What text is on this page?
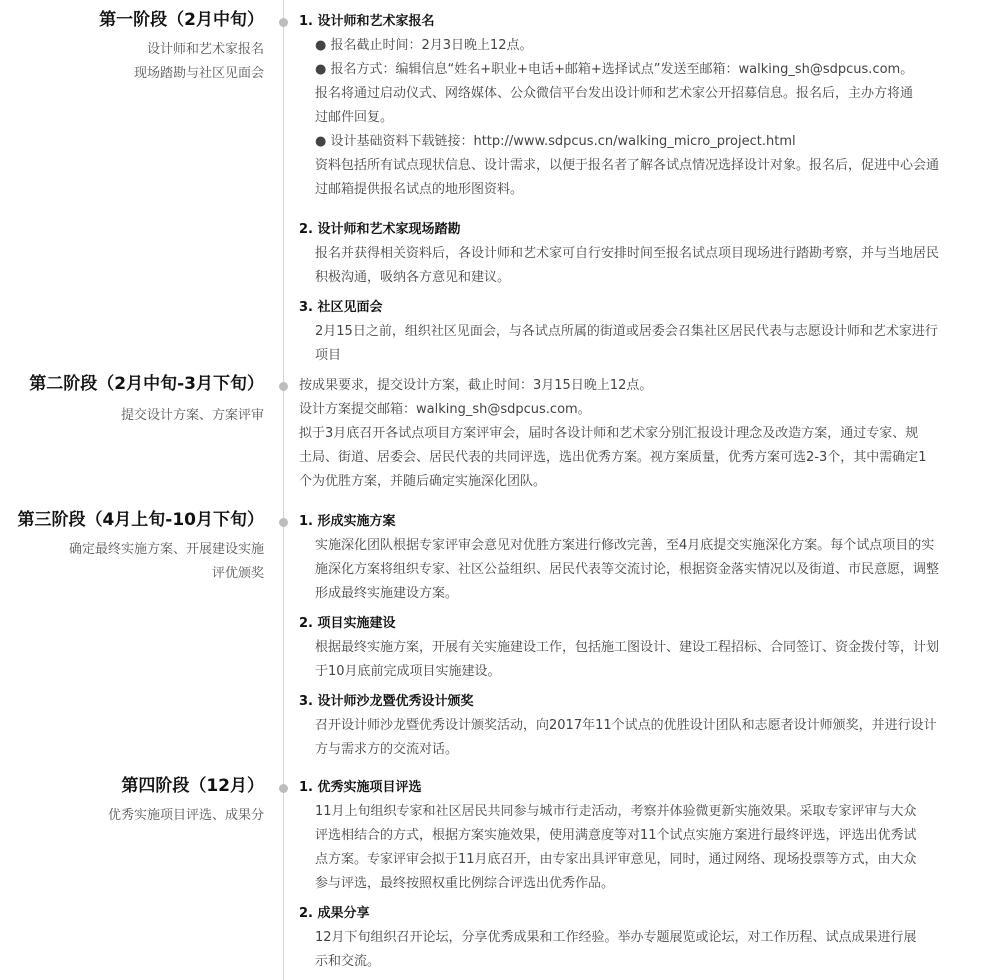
第一阶段（2月中旬）
设计师和艺术家报名
现场踏勘与社区见面会
1. 设计师和艺术家报名
● 报名截止时间：2月3日晚上12点。
● 报名方式：编辑信息“姓名+职业+电话+邮箱+选择试点”发送至邮箱：walking_sh@sdpcus.com。
报名将通过启动仪式、网络媒体、公众微信平台发出设计师和艺术家公开招募信息。报名后，主办方将通
过邮件回复。
● 设计基础资料下载链接：http://www.sdpcus.cn/walking_micro_project.html
资料包括所有试点现状信息、设计需求，以便于报名者了解各试点情况选择设计对象。报名后，促进中心会通
过邮箱提供报名试点的地形图资料。
2. 设计师和艺术家现场踏勘
报名并获得相关资料后，各设计师和艺术家可自行安排时间至报名试点项目现场进行踏勘考察，并与当地居民
积极沟通，吸纳各方意见和建议。
3. 社区见面会
2月15日之前，组织社区见面会，与各试点所属的街道或居委会召集社区居民代表与志愿设计师和艺术家进行
项目
第二阶段（2月中旬-3月下旬）
提交设计方案、方案评审
按成果要求，提交设计方案，截止时间：3月15日晚上12点。
设计方案提交邮箱：walking_sh@sdpcus.com。
拟于3月底召开各试点项目方案评审会，届时各设计师和艺术家分别汇报设计理念及改造方案，通过专家、规
土局、街道、居委会、居民代表的共同评选，选出优秀方案。视方案质量，优秀方案可选2-3个，其中需确定1
个为优胜方案，并随后确定实施深化团队。
第三阶段（4月上旬-10月下旬）
确定最终实施方案、开展建设实施
评优颁奖
1. 形成实施方案
实施深化团队根据专家评审会意见对优胜方案进行修改完善，至4月底提交实施深化方案。每个试点项目的实
施深化方案将组织专家、社区公益组织、居民代表等交流讨论，根据资金落实情况以及街道、市民意愿，调整
形成最终实施建设方案。
2. 项目实施建设
根据最终实施方案，开展有关实施建设工作，包括施工图设计、建设工程招标、合同签订、资金拨付等，计划
于10月底前完成项目实施建设。
3. 设计师沙龙暨优秀设计颁奖
召开设计师沙龙暨优秀设计颁奖活动，向2017年11个试点的优胜设计团队和志愿者设计师颁奖，并进行设计
方与需求方的交流对话。
第四阶段（12月）
优秀实施项目评选、成果分
1. 优秀实施项目评选
11月上旬组织专家和社区居民共同参与城市行走活动，考察并体验微更新实施效果。采取专家评审与大众
评选相结合的方式，根据方案实施效果，使用满意度等对11个试点实施方案进行最终评选，评选出优秀试
点方案。专家评审会拟于11月底召开，由专家出具评审意见，同时，通过网络、现场投票等方式，由大众
参与评选，最终按照权重比例综合评选出优秀作品。
2. 成果分享
12月下旬组织召开论坛，分享优秀成果和工作经验。举办专题展览或论坛，对工作历程、试点成果进行展
示和交流。
